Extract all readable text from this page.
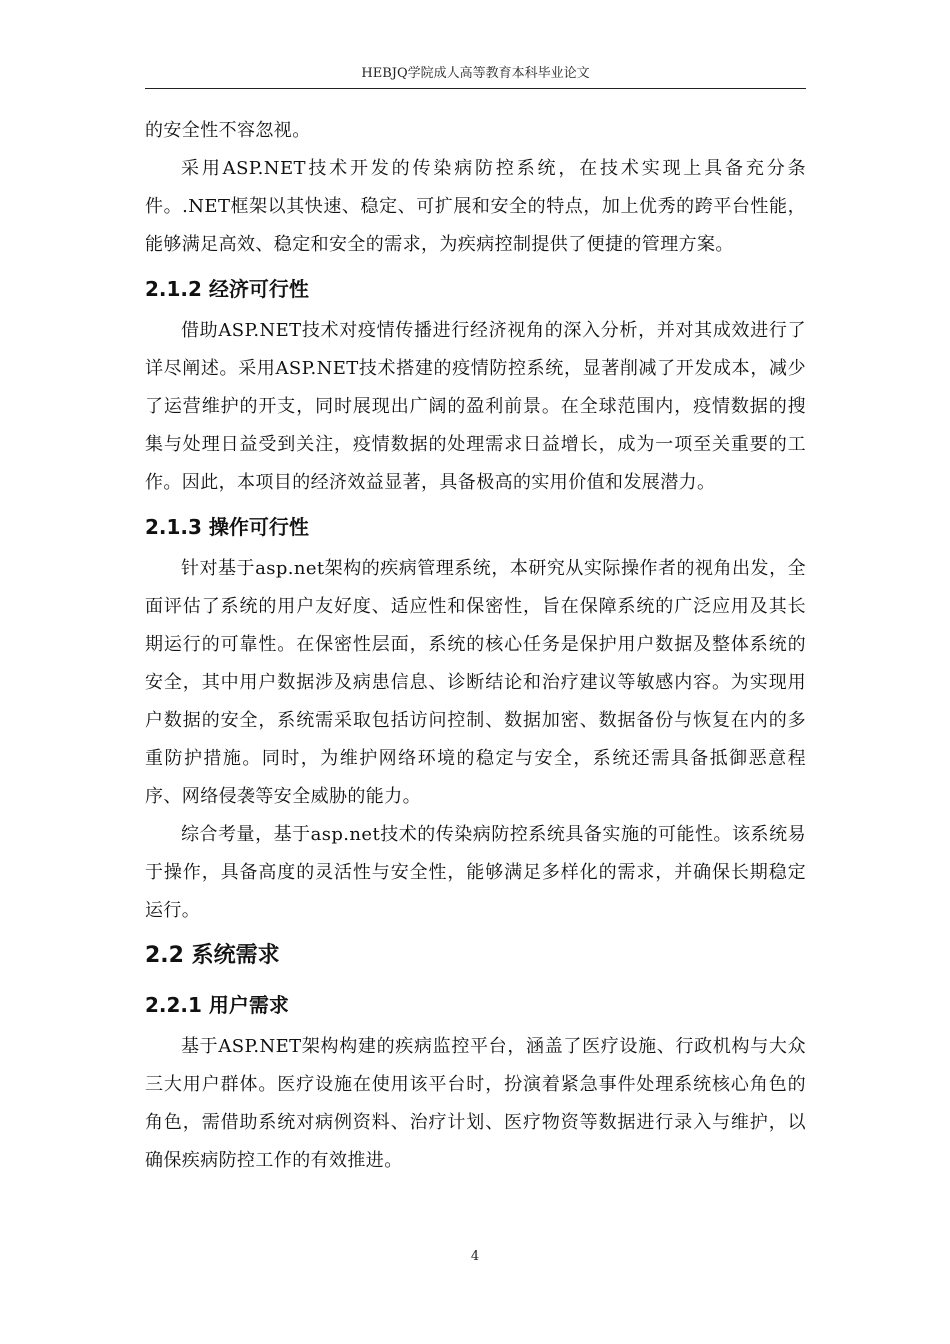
HEBJQ学院成人高等教育本科毕业论文

的安全性不容忽视。

采用ASP.NET技术开发的传染病防控系统，在技术实现上具备充分条件。.NET框架以其快速、稳定、可扩展和安全的特点，加上优秀的跨平台性能，能够满足高效、稳定和安全的需求，为疾病控制提供了便捷的管理方案。

2.1.2 经济可行性

借助ASP.NET技术对疫情传播进行经济视角的深入分析，并对其成效进行了详尽阐述。采用ASP.NET技术搭建的疫情防控系统，显著削减了开发成本，减少了运营维护的开支，同时展现出广阔的盈利前景。在全球范围内，疫情数据的搜集与处理日益受到关注，疫情数据的处理需求日益增长，成为一项至关重要的工作。因此，本项目的经济效益显著，具备极高的实用价值和发展潜力。

2.1.3 操作可行性

针对基于asp.net架构的疾病管理系统，本研究从实际操作者的视角出发，全面评估了系统的用户友好度、适应性和保密性，旨在保障系统的广泛应用及其长期运行的可靠性。在保密性层面，系统的核心任务是保护用户数据及整体系统的安全，其中用户数据涉及病患信息、诊断结论和治疗建议等敏感内容。为实现用户数据的安全，系统需采取包括访问控制、数据加密、数据备份与恢复在内的多重防护措施。同时，为维护网络环境的稳定与安全，系统还需具备抵御恶意程序、网络侵袭等安全威胁的能力。

综合考量，基于asp.net技术的传染病防控系统具备实施的可能性。该系统易于操作，具备高度的灵活性与安全性，能够满足多样化的需求，并确保长期稳定运行。

2.2 系统需求
2.2.1 用户需求

基于ASP.NET架构构建的疾病监控平台，涵盖了医疗设施、行政机构与大众三大用户群体。医疗设施在使用该平台时，扮演着紧急事件处理系统核心角色的角色，需借助系统对病例资料、治疗计划、医疗物资等数据进行录入与维护，以确保疾病防控工作的有效推进。

4
